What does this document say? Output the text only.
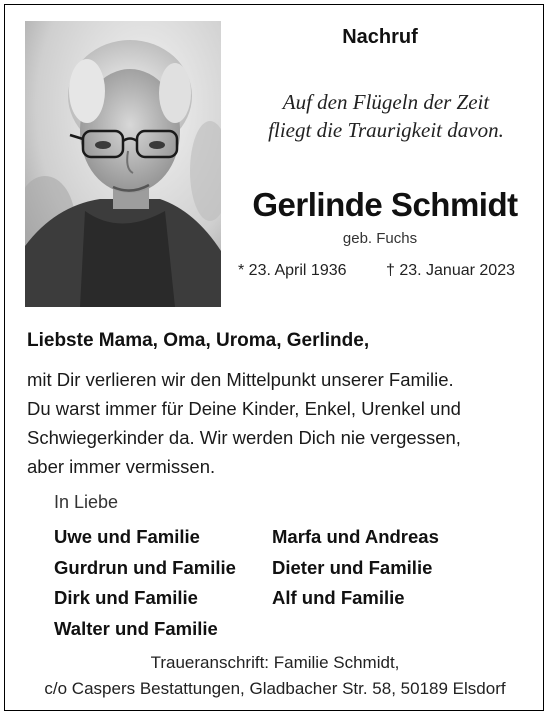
Nachruf
Auf den Flügeln der Zeit
fliegt die Traurigkeit davon.
Gerlinde Schmidt
geb. Fuchs
* 23. April 1936 † 23. Januar 2023
Liebste Mama, Oma, Uroma, Gerlinde,
mit Dir verlieren wir den Mittelpunkt unserer Familie.
Du warst immer für Deine Kinder, Enkel, Urenkel und
Schwiegerkinder da. Wir werden Dich nie vergessen,
aber immer vermissen.
In Liebe
Uwe und Familie
Gurdrun und Familie
Dirk und Familie
Walter und Familie
Marfa und Andreas
Dieter und Familie
Alf und Familie
Traueranschrift: Familie Schmidt,
c/o Caspers Bestattungen, Gladbacher Str. 58, 50189 Elsdorf
